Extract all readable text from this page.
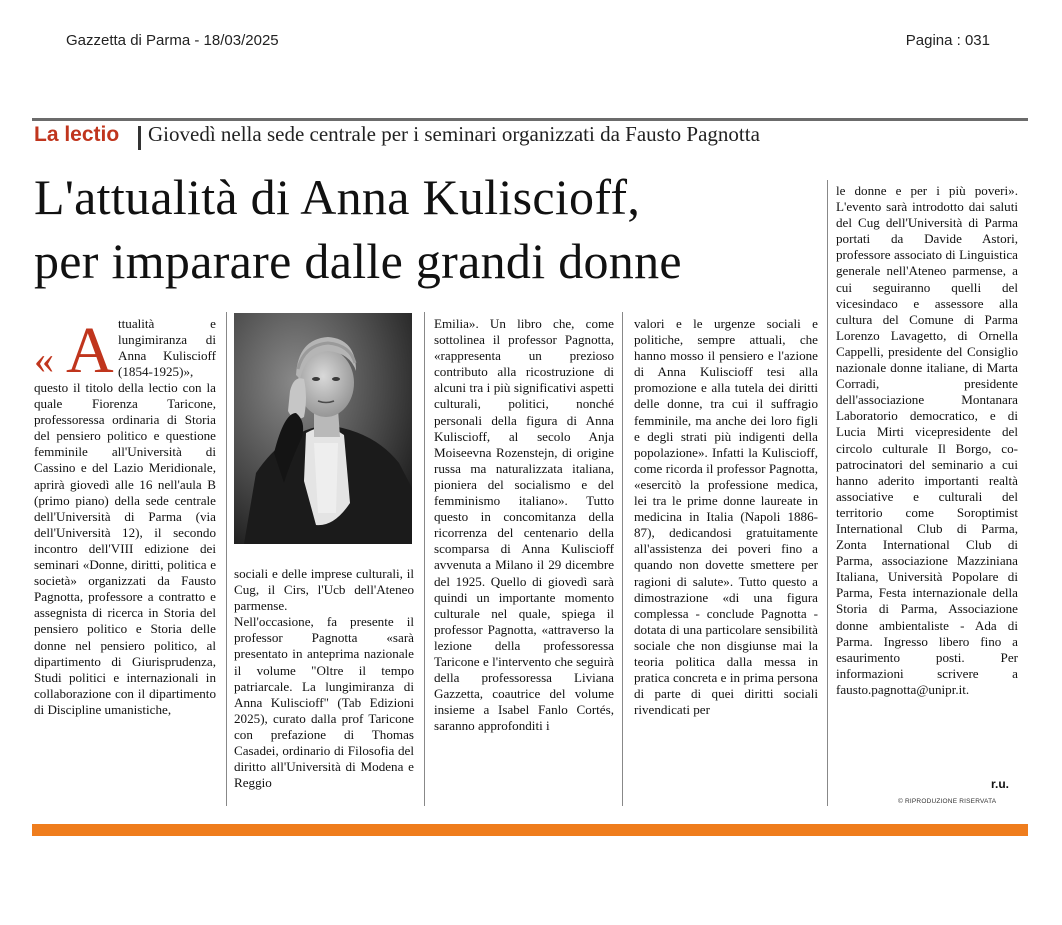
Gazzetta di Parma - 18/03/2025	Pagina : 031
La lectio Giovedì nella sede centrale per i seminari organizzati da Fausto Pagnotta
L'attualità di Anna Kuliscioff,
per imparare dalle grandi donne
« A ttualità e lungimiranza di Anna Kuliscioff (1854-1925)»,

questo il titolo della lectio con la quale Fiorenza Taricone, professoressa ordinaria di Storia del pensiero politico e questione femminile all'Università di Cassino e del Lazio Meridionale, aprirà giovedì alle 16 nell'aula B (primo piano) della sede centrale dell'Università di Parma (via dell'Università 12), il secondo incontro dell'VIII edizione dei seminari «Donne, diritti, politica e società» organizzati da Fausto Pagnotta, professore a contratto e assegnista di ricerca in Storia del pensiero politico e Storia delle donne nel pensiero politico, al dipartimento di Giurisprudenza, Studi politici e internazionali in collaborazione con il dipartimento di Discipline umanistiche,

sociali e delle imprese culturali, il Cug, il Cirs, l'Ucb dell'Ateneo parmense.

Nell'occasione, fa presente il professor Pagnotta «sarà presentato in anteprima nazionale il volume "Oltre il tempo patriarcale. La lungimiranza di Anna Kuliscioff" (Tab Edizioni 2025), curato dalla prof Taricone con prefazione di Thomas Casadei, ordinario di Filosofia del diritto all'Università di Modena e Reggio

Emilia». Un libro che, come sottolinea il professor Pagnotta, «rappresenta un prezioso contributo alla ricostruzione di alcuni tra i più significativi aspetti culturali, politici, nonché personali della figura di Anna Kuliscioff, al secolo Anja Moiseevna Rozenstejn, di origine russa ma naturalizzata italiana, pioniera del socialismo e del femminismo italiano». Tutto questo in concomitanza della ricorrenza del centenario della scomparsa di Anna Kuliscioff avvenuta a Milano il 29 dicembre del 1925. Quello di giovedì sarà quindi un importante momento culturale nel quale, spiega il professor Pagnotta, «attraverso la lezione della professoressa Taricone e l'intervento che seguirà della professoressa Liviana Gazzetta, coautrice del volume insieme a Isabel Fanlo Cortés, saranno approfonditi i

valori e le urgenze sociali e politiche, sempre attuali, che hanno mosso il pensiero e l'azione di Anna Kuliscioff tesi alla promozione e alla tutela dei diritti delle donne, tra cui il suffragio femminile, ma anche dei loro figli e degli strati più indigenti della popolazione». Infatti la Kuliscioff, come ricorda il professor Pagnotta, «esercitò la professione medica, lei tra le prime donne laureate in medicina in Italia (Napoli 1886-87), dedicandosi gratuitamente all'assistenza dei poveri fino a quando non dovette smettere per ragioni di salute». Tutto questo a dimostrazione «di una figura complessa - conclude Pagnotta - dotata di una particolare sensibilità sociale che non disgiunse mai la teoria politica dalla messa in pratica concreta e in prima persona di parte di quei diritti sociali rivendicati per

le donne e per i più poveri». L'evento sarà introdotto dai saluti del Cug dell'Università di Parma portati da Davide Astori, professore associato di Linguistica generale nell'Ateneo parmense, a cui seguiranno quelli del vicesindaco e assessore alla cultura del Comune di Parma Lorenzo Lavagetto, di Ornella Cappelli, presidente del Consiglio nazionale donne italiane, di Marta Corradi, presidente dell'associazione Montanara Laboratorio democratico, e di Lucia Mirti vicepresidente del circolo culturale Il Borgo, co-patrocinatori del seminario a cui hanno aderito importanti realtà associative e culturali del territorio come Soroptimist International Club di Parma, Zonta International Club di Parma, associazione Mazziniana Italiana, Università Popolare di Parma, Festa internazionale della Storia di Parma, Associazione donne ambientaliste - Ada di Parma. Ingresso libero fino a esaurimento posti. Per informazioni scrivere a fausto.pagnotta@unipr.it.

r.u.
© RIPRODUZIONE RISERVATA
